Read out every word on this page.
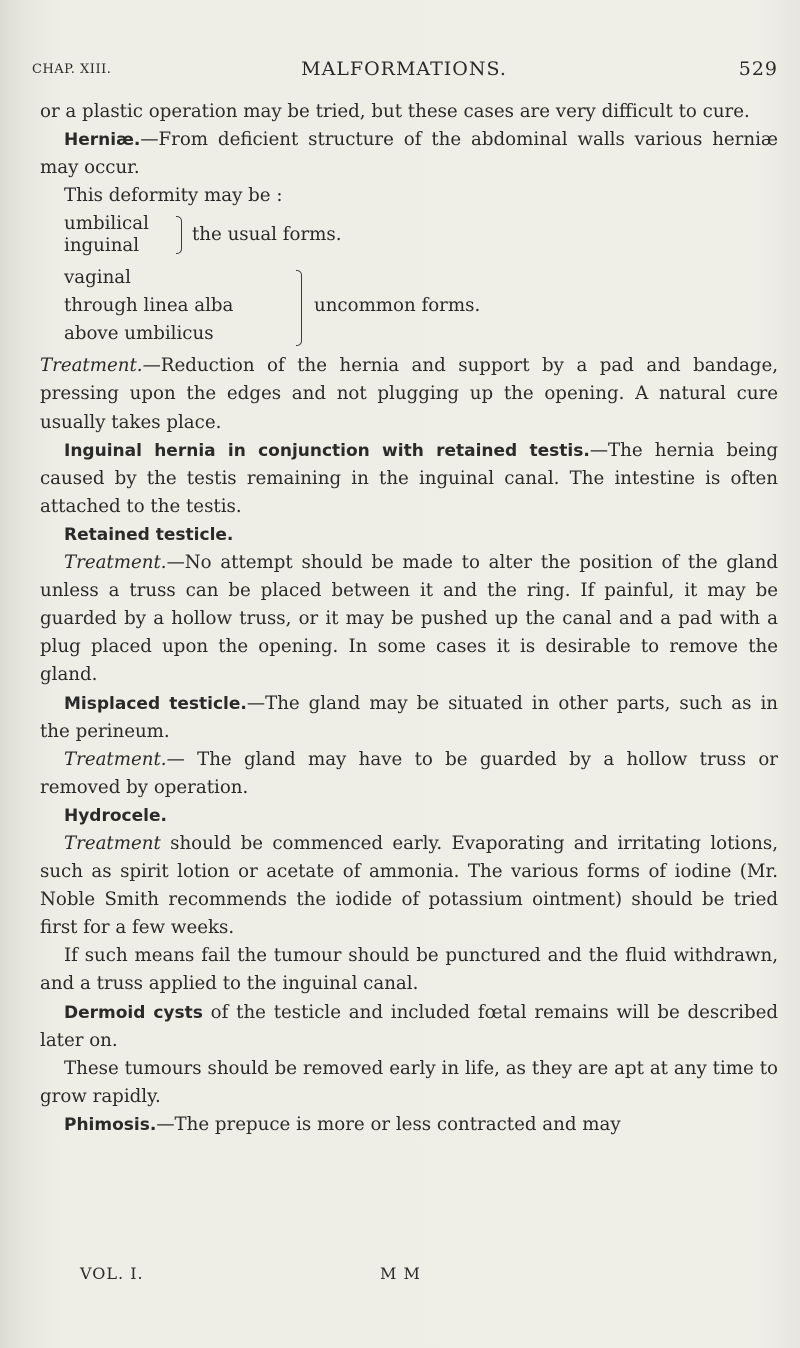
CHAP. XIII.	MALFORMATIONS.	529

or a plastic operation may be tried, but these cases are very difficult to cure.

Herniæ.—From deficient structure of the abdominal walls various herniæ may occur.

This deformity may be :

umbilical
inguinal
the usual forms.
vaginal
through linea alba
above umbilicus
uncommon forms.

Treatment.—Reduction of the hernia and support by a pad and bandage, pressing upon the edges and not plugging up the opening. A natural cure usually takes place.

Inguinal hernia in conjunction with retained testis.—The hernia being caused by the testis remaining in the inguinal canal. The intestine is often attached to the testis.

Retained testicle.

Treatment.—No attempt should be made to alter the position of the gland unless a truss can be placed between it and the ring. If painful, it may be guarded by a hollow truss, or it may be pushed up the canal and a pad with a plug placed upon the opening. In some cases it is desirable to remove the gland.

Misplaced testicle.—The gland may be situated in other parts, such as in the perineum.

Treatment.— The gland may have to be guarded by a hollow truss or removed by operation.

Hydrocele.

Treatment should be commenced early. Evaporating and irritating lotions, such as spirit lotion or acetate of ammonia. The various forms of iodine (Mr. Noble Smith recommends the iodide of potassium ointment) should be tried first for a few weeks.

If such means fail the tumour should be punctured and the fluid withdrawn, and a truss applied to the inguinal canal.

Dermoid cysts of the testicle and included fœtal remains will be described later on.

These tumours should be removed early in life, as they are apt at any time to grow rapidly.

Phimosis.—The prepuce is more or less contracted and may

VOL. I.	M M
